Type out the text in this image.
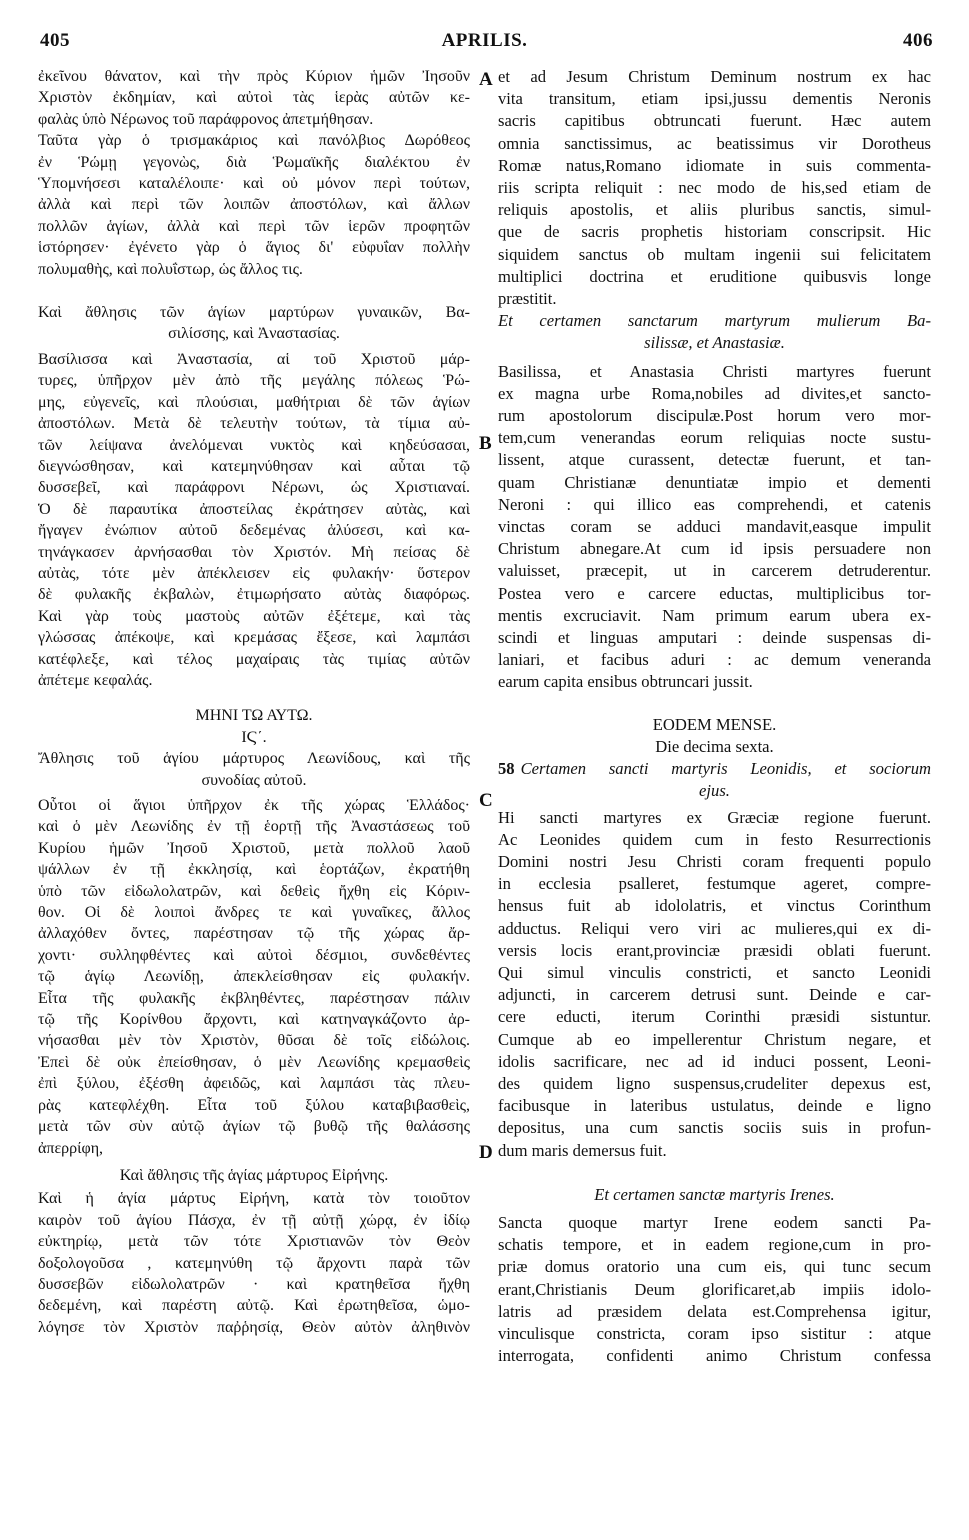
405	APRILIS.	406
ἐκεῖνου θάνατον, καὶ τὴν πρὸς Κύριον ἡμῶν Ἰησοῦν
Χριστὸν ἐκδημίαν, καὶ αὐτοὶ τὰς ἱερὰς αὐτῶν κε-
φαλὰς ὑπὸ Νέρωνος τοῦ παράφρονος ἀπετμήθησαν.
Ταῦτα γὰρ ὁ τρισμακάριος καὶ πανόλβιος Δωρόθεος
ἐν Ῥώμῃ γεγονὼς, διὰ Ῥωμαϊκῆς διαλέκτου ἐν
Ὑπομνήσεσι καταλέλοιπε· καὶ οὐ μόνον περὶ τούτων,
ἀλλὰ καὶ περὶ τῶν λοιπῶν ἀποστόλων, καὶ ἄλλων
πολλῶν ἁγίων, ἀλλὰ καὶ περὶ τῶν ἱερῶν προφητῶν
ἱστόρησεν· ἐγένετο γὰρ ὁ ἅγιος δι' εὐφυΐαν πολλὴν
πολυμαθὴς, καὶ πολυΐστωρ, ὡς ἄλλος τις.
Καὶ ἄθλησις τῶν ἁγίων μαρτύρων γυναικῶν, Βα-
σιλίσσης, καὶ Ἀναστασίας.
Βασίλισσα καὶ Ἀναστασία, αἱ τοῦ Χριστοῦ μάρ-
τυρες, ὑπῆρχον μὲν ἀπὸ τῆς μεγάλης πόλεως Ῥώ-
μης, εὐγενεῖς, καὶ πλούσιαι, μαθήτριαι δὲ τῶν ἁγίων
ἀποστόλων. Μετὰ δὲ τελευτὴν τούτων, τὰ τίμια αὐ-
τῶν λείψανα ἀνελόμεναι νυκτὸς καὶ κηδεύσασαι,
διεγνώσθησαν, καὶ κατεμηνύθησαν καὶ αὗται τῷ
δυσσεβεῖ, καὶ παράφρονι Νέρωνι, ὡς Χριστιαναί.
Ὁ δὲ παραυτίκα ἀποστείλας ἐκράτησεν αὐτὰς, καὶ
ἤγαγεν ἐνώπιον αὐτοῦ δεδεμένας ἁλύσεσι, καὶ κα-
τηνάγκασεν ἀρνήσασθαι τὸν Χριστόν. Μὴ πείσας δὲ
αὐτὰς, τότε μὲν ἀπέκλεισεν εἰς φυλακήν· ὕστερον
δὲ φυλακῆς ἐκβαλὼν, ἐτιμωρήσατο αὐτὰς διαφόρως.
Καὶ γὰρ τοὺς μαστοὺς αὐτῶν ἐξέτεμε, καὶ τὰς
γλώσσας ἀπέκοψε, καὶ κρεμάσας ἔξεσε, καὶ λαμπάσι
κατέφλεξε, καὶ τέλος μαχαίραις τὰς τιμίας αὐτῶν
ἀπέτεμε κεφαλάς.
ΜΗΝΙ ΤΩ ΑΥΤΩ.
ΙϚ΄.
Ἄθλησις τοῦ ἁγίου μάρτυρος Λεωνίδους, καὶ τῆς
συνοδίας αὐτοῦ.
Οὗτοι οἱ ἅγιοι ὑπῆρχον ἐκ τῆς χώρας Ἑλλάδος·
καὶ ὁ μὲν Λεωνίδης ἐν τῇ ἑορτῇ τῆς Ἀναστάσεως τοῦ
Κυρίου ἡμῶν Ἰησοῦ Χριστοῦ, μετὰ πολλοῦ λαοῦ
ψάλλων ἐν τῇ ἐκκλησίᾳ, καὶ ἑορτάζων, ἐκρατήθη
ὑπὸ τῶν εἰδωλολατρῶν, καὶ δεθεὶς ἤχθη εἰς Κόριν-
θον. Οἱ δὲ λοιποὶ ἄνδρες τε καὶ γυναῖκες, ἄλλος
ἀλλαχόθεν ὄντες, παρέστησαν τῷ τῆς χώρας ἄρ-
χοντι· συλληφθέντες καὶ αὐτοὶ δέσμιοι, συνδεθέντες
τῷ ἁγίῳ Λεωνίδῃ, ἀπεκλείσθησαν εἰς φυλακήν.
Εἶτα τῆς φυλακῆς ἐκβληθέντες, παρέστησαν πάλιν
τῷ τῆς Κορίνθου ἄρχοντι, καὶ κατηναγκάζοντο ἀρ-
νήσασθαι μὲν τὸν Χριστὸν, θῦσαι δὲ τοῖς εἰδώλοις.
Ἐπεὶ δὲ οὐκ ἐπείσθησαν, ὁ μὲν Λεωνίδης κρεμασθεὶς
ἐπὶ ξύλου, ἐξέσθη ἀφειδῶς, καὶ λαμπάσι τὰς πλευ-
ρὰς κατεφλέχθη. Εἶτα τοῦ ξύλου καταβιβασθεὶς,
μετὰ τῶν σὺν αὐτῷ ἁγίων τῷ βυθῷ τῆς θαλάσσης
ἀπερρίφη,
Καὶ ἄθλησις τῆς ἁγίας μάρτυρος Εἰρήνης.
Καὶ ἡ ἁγία μάρτυς Εἰρήνη, κατὰ τὸν τοιοῦτον
καιρὸν τοῦ ἁγίου Πάσχα, ἐν τῇ αὐτῇ χώρᾳ, ἐν ἰδίῳ
εὐκτηρίῳ, μετὰ τῶν τότε Χριστιανῶν τὸν Θεὸν
δοξολογοῦσα , κατεμηνύθη τῷ ἄρχοντι παρὰ τῶν
δυσσεβῶν εἰδωλολατρῶν · καὶ κρατηθεῖσα ἤχθη
δεδεμένη, καὶ παρέστη αὐτῷ. Καὶ ἐρωτηθεῖσα, ὡμο-
λόγησε τὸν Χριστὸν παῤῥησίᾳ, Θεὸν αὐτὸν ἀληθινὸν
et ad Jesum Christum Deminum nostrum ex hac
vita transitum, etiam ipsi,jussu dementis Neronis
sacris capitibus obtruncati fuerunt. Hæc autem
omnia sanctissimus, ac beatissimus vir Dorotheus
Romæ natus,Romano idiomate in suis commenta-
riis scripta reliquit : nec modo de his,sed etiam de
reliquis apostolis, et aliis pluribus sanctis, simul-
que de sacris prophetis historiam conscripsit. Hic
siquidem sanctus ob multam ingenii sui felicitatem
multiplici doctrina et eruditione quibusvis longe
præstitit.
Et certamen sanctarum martyrum mulierum Ba-
silissæ, et Anastasiæ.
Basilissa, et Anastasia Christi martyres fuerunt
ex magna urbe Roma,nobiles ad divites,et sancto-
rum apostolorum discipulæ.Post horum vero mor-
tem,cum venerandas eorum reliquias nocte sustu-
lissent, atque curassent, detectæ fuerunt, et tan-
quam Christianæ denuntiatæ impio et dementi
Neroni : qui illico eas comprehendi, et catenis
vinctas coram se adduci mandavit,easque impulit
Christum abnegare.At cum id ipsis persuadere non
valuisset, præcepit, ut in carcerem detruderentur.
Postea vero e carcere eductas, multiplicibus tor-
mentis excruciavit. Nam primum earum ubera ex-
scindi et linguas amputari : deinde suspensas di-
laniari, et facibus aduri : ac demum veneranda
earum capita ensibus obtruncari jussit.
EODEM MENSE.
Die decima sexta.
58 Certamen sancti martyris Leonidis, et sociorum
ejus.
Hi sancti martyres ex Græciæ regione fuerunt.
Ac Leonides quidem cum in festo Resurrectionis
Domini nostri Jesu Christi coram frequenti populo
in ecclesia psalleret, festumque ageret, compre-
hensus fuit ab idololatris, et vinctus Corinthum
adductus. Reliqui vero viri ac mulieres,qui ex di-
versis locis erant,provinciæ præsidi oblati fuerunt.
Qui simul vinculis constricti, et sancto Leonidi
adjuncti, in carcerem detrusi sunt. Deinde e car-
cere educti, iterum Corinthi præsidi sistuntur.
Cumque ab eo impellerentur Christum negare, et
idolis sacrificare, nec ad id induci possent, Leoni-
des quidem ligno suspensus,crudeliter depexus est,
facibusque in lateribus ustulatus, deinde e ligno
depositus, una cum sanctis sociis suis in profun-
dum maris demersus fuit.
Et certamen sanctæ martyris Irenes.
Sancta quoque martyr Irene eodem sancti Pa-
schatis tempore, et in eadem regione,cum in pro-
priæ domus oratorio una cum eis, qui tunc secum
erant,Christianis Deum glorificaret,ab impiis idolo-
latris ad præsidem delata est.Comprehensa igitur,
vinculisque constricta, coram ipso sistitur : atque
interrogata, confidenti animo Christum confessa
A
B
C
D
